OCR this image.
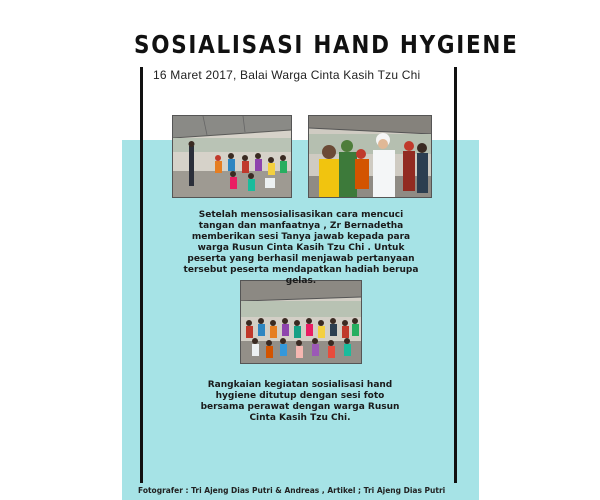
SOSIALISASI HAND HYGIENE
16 Maret 2017, Balai Warga Cinta Kasih Tzu Chi
Setelah mensosialisasikan cara mencuci tangan dan manfaatnya , Zr Bernadetha memberikan sesi Tanya jawab kepada para warga Rusun Cinta Kasih Tzu Chi . Untuk peserta yang berhasil menjawab pertanyaan tersebut peserta mendapatkan hadiah berupa gelas.
Rangkaian kegiatan sosialisasi hand hygiene ditutup dengan sesi foto bersama perawat dengan warga Rusun Cinta Kasih Tzu Chi.
Fotografer : Tri Ajeng Dias Putri & Andreas , Artikel ; Tri Ajeng Dias Putri
